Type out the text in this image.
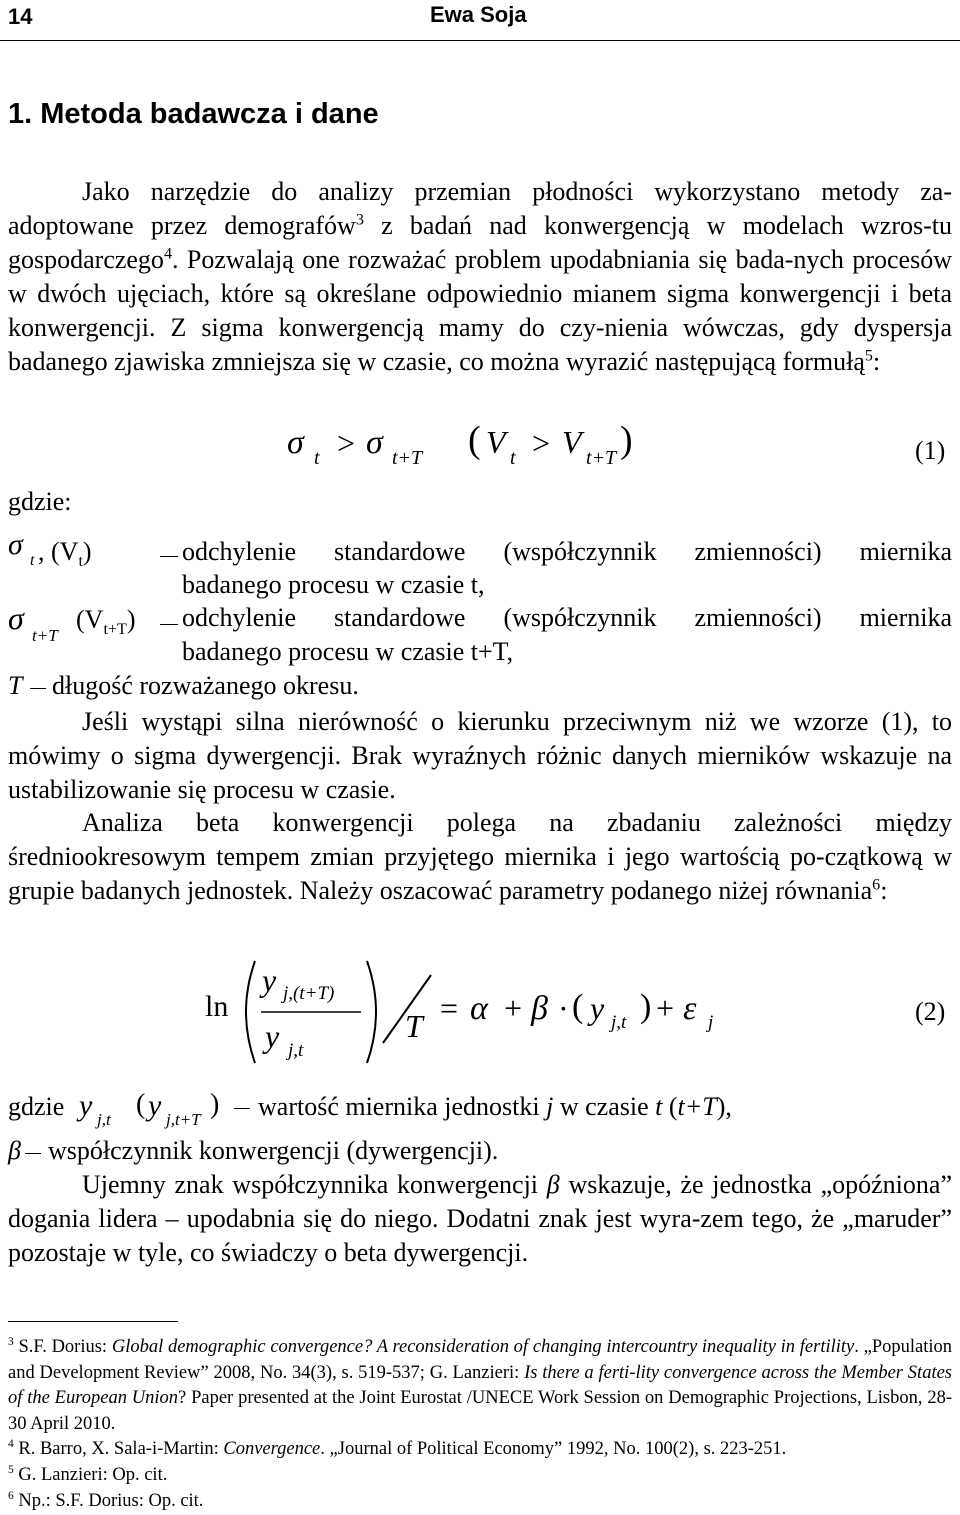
14	Ewa Soja
1. Metoda badawcza i dane

Jako narzędzie do analizy przemian płodności wykorzystano metody za-adoptowane przez demografów$^3$ z badań nad konwergencją w modelach wzros-tu gospodarczego$^4$. Pozwalają one rozważać problem upodabniania się bada-nych procesów w dwóch ujęciach, które są określane odpowiednio mianem sigma konwergencji i beta konwergencji. Z sigma konwergencją mamy do czy-nienia wówczas, gdy dyspersja badanego zjawiska zmniejsza się w czasie, co można wyrazić następującą formułą$^5$:

σ t > σ t+T ( V t > V t+T )	(1)
gdzie:
σ t , $(V_t)$	odchylenie standardowe (współczynnik zmienności) miernika
badanego procesu w czasie t,
σ t+T
$(V_{t+T})$ odchylenie standardowe (współczynnik zmienności) miernika
badanego procesu w czasie t+T,
T długość rozważanego okresu.

Jeśli wystąpi silna nierówność o kierunku przeciwnym niż we wzorze (1), to mówimy o sigma dywergencji. Brak wyraźnych różnic danych mierników wskazuje na ustabilizowanie się procesu w czasie.

Analiza beta konwergencji polega na zbadaniu zależności między średniookresowym tempem zmian przyjętego miernika i jego wartością po-czątkową w grupie badanych jednostek. Należy oszacować parametry podanego niżej równania$^6$:

ln
y j,(t+T)
y j,t
T = α + β · ( y j,t ) + ε j	(2)
gdzie y j,t ( y j,t+T ) wartość miernika jednostki j w czasie t (t+T),
β współczynnik konwergencji (dywergencji).

Ujemny znak współczynnika konwergencji β wskazuje, że jednostka „opóźniona” dogania lidera – upodabnia się do niego. Dodatni znak jest wyra-zem tego, że „maruder” pozostaje w tyle, co świadczy o beta dywergencji.

$^3$ S.F. Dorius: Global demographic convergence? A reconsideration of changing intercountry inequality in fertility. „Population and Development Review” 2008, No. 34(3), s. 519-537; G. Lanzieri: Is there a ferti-lity convergence across the Member States of the European Union? Paper presented at the Joint Eurostat /UNECE Work Session on Demographic Projections, Lisbon, 28-30 April 2010.

$^4$ R. Barro, X. Sala-i-Martin: Convergence. „Journal of Political Economy” 1992, No. 100(2), s. 223-251.

$^5$ G. Lanzieri: Op. cit.

$^6$ Np.: S.F. Dorius: Op. cit.
